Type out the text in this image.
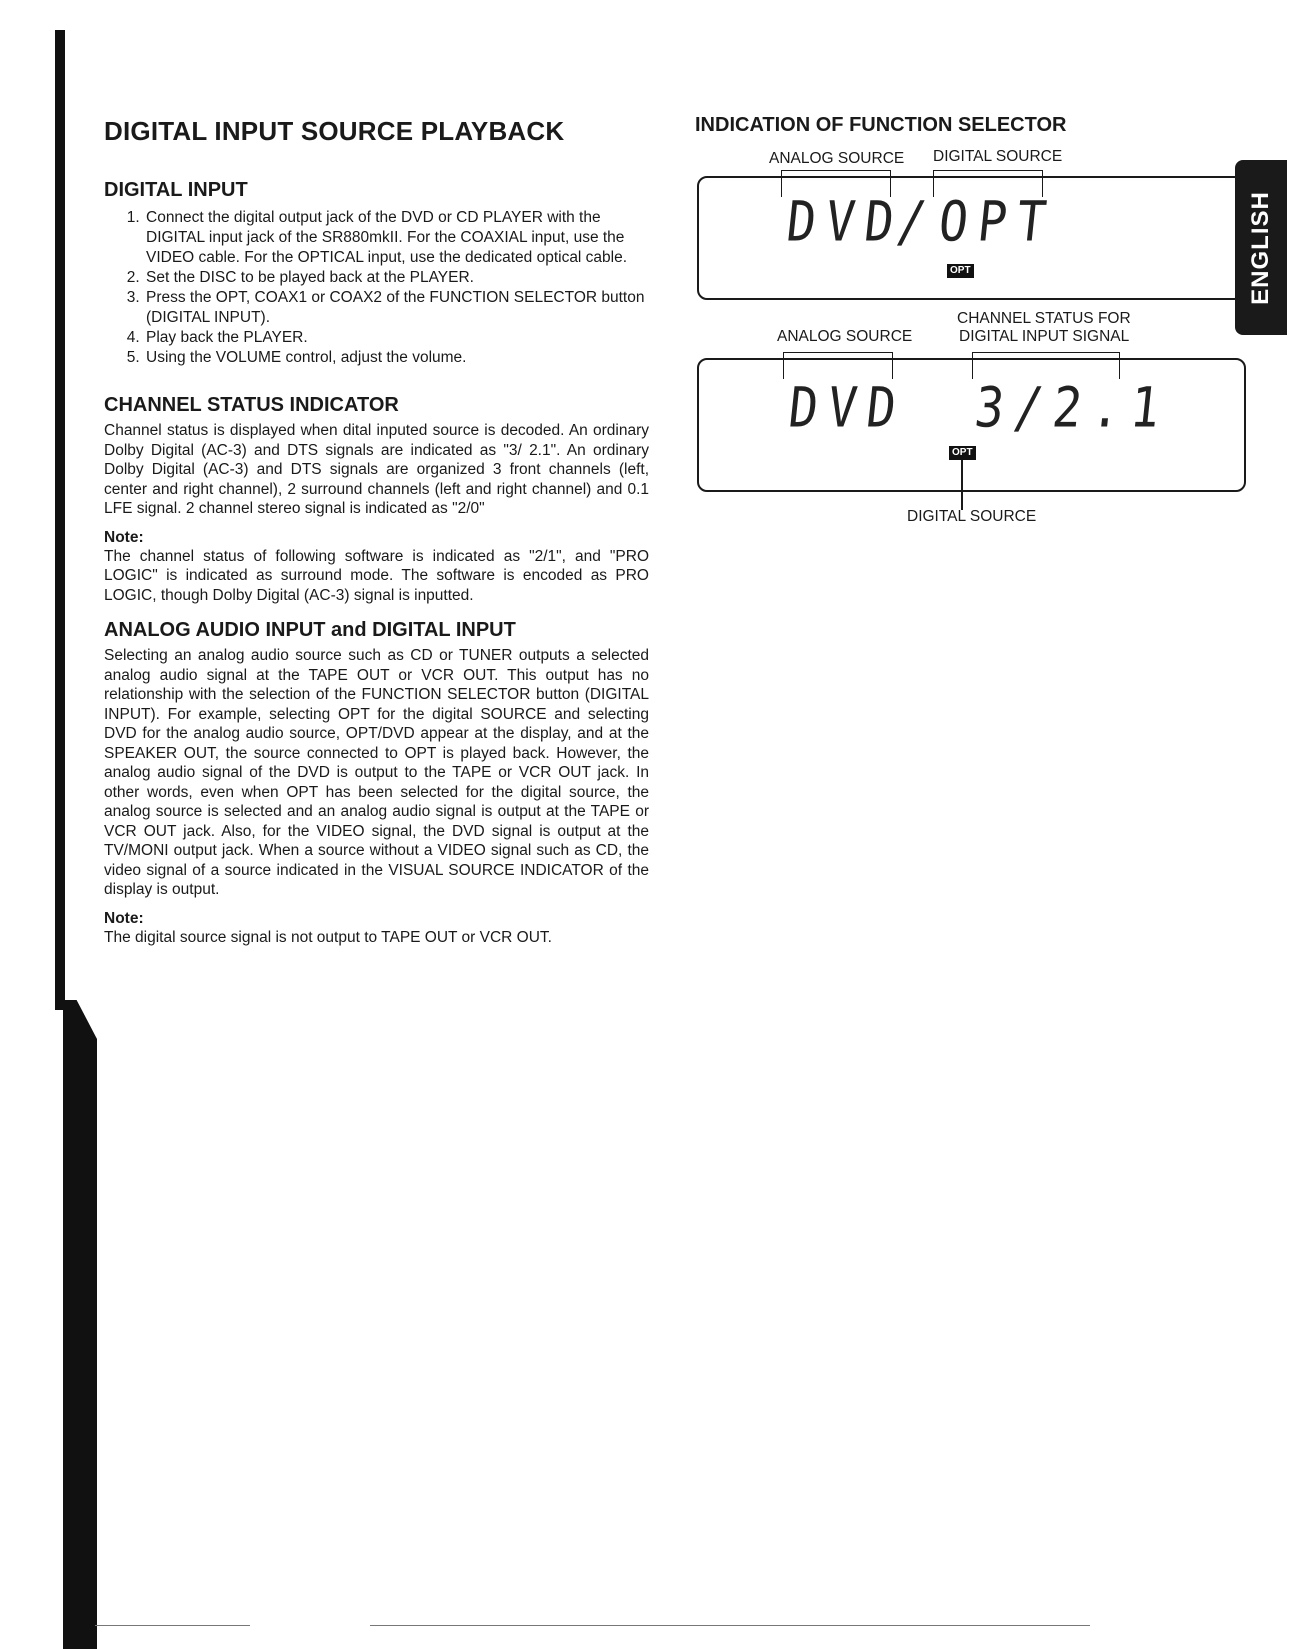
DIGITAL INPUT SOURCE PLAYBACK
DIGITAL INPUT
1. Connect the digital output jack of the DVD or CD PLAYER with the DIGITAL input jack of the SR880mkII. For the COAXIAL input, use the VIDEO cable. For the OPTICAL input, use the dedicated optical cable.
2. Set the DISC to be played back at the PLAYER.
3. Press the OPT, COAX1 or COAX2 of the FUNCTION SELECTOR button (DIGITAL INPUT).
4. Play back the PLAYER.
5. Using the VOLUME control, adjust the volume.
CHANNEL STATUS INDICATOR

Channel status is displayed when dital inputed source is decoded. An ordinary Dolby Digital (AC-3) and DTS signals are indicated as "3/ 2.1". An ordinary Dolby Digital (AC-3) and DTS signals are organized 3 front channels (left, center and right channel), 2 surround channels (left and right channel) and 0.1 LFE signal. 2 channel stereo signal is indicated as "2/0"

Note:

The channel status of following software is indicated as "2/1", and "PRO LOGIC" is indicated as surround mode. The software is encoded as PRO LOGIC, though Dolby Digital (AC-3) signal is inputted.

ANALOG AUDIO INPUT and DIGITAL INPUT

Selecting an analog audio source such as CD or TUNER outputs a selected analog audio signal at the TAPE OUT or VCR OUT. This output has no relationship with the selection of the FUNCTION SELECTOR button (DIGITAL INPUT). For example, selecting OPT for the digital SOURCE and selecting DVD for the analog audio source, OPT/DVD appear at the display, and at the SPEAKER OUT, the source connected to OPT is played back. However, the analog audio signal of the DVD is output to the TAPE or VCR OUT jack. In other words, even when OPT has been selected for the digital source, the analog source is selected and an analog audio signal is output at the TAPE or VCR OUT jack. Also, for the VIDEO signal, the DVD signal is output at the TV/MONI output jack. When a source without a VIDEO signal such as CD, the video signal of a source indicated in the VISUAL SOURCE INDICATOR of the display is output.

Note:

The digital source signal is not output to TAPE OUT or VCR OUT.

INDICATION OF FUNCTION SELECTOR
ANALOG SOURCE DIGITAL SOURCE
DVD
/
OPT
OPT
ANALOG SOURCE
CHANNEL STATUS FOR
DIGITAL INPUT SIGNAL
DVD 3/2.1
OPT
DIGITAL SOURCE
ENGLISH
